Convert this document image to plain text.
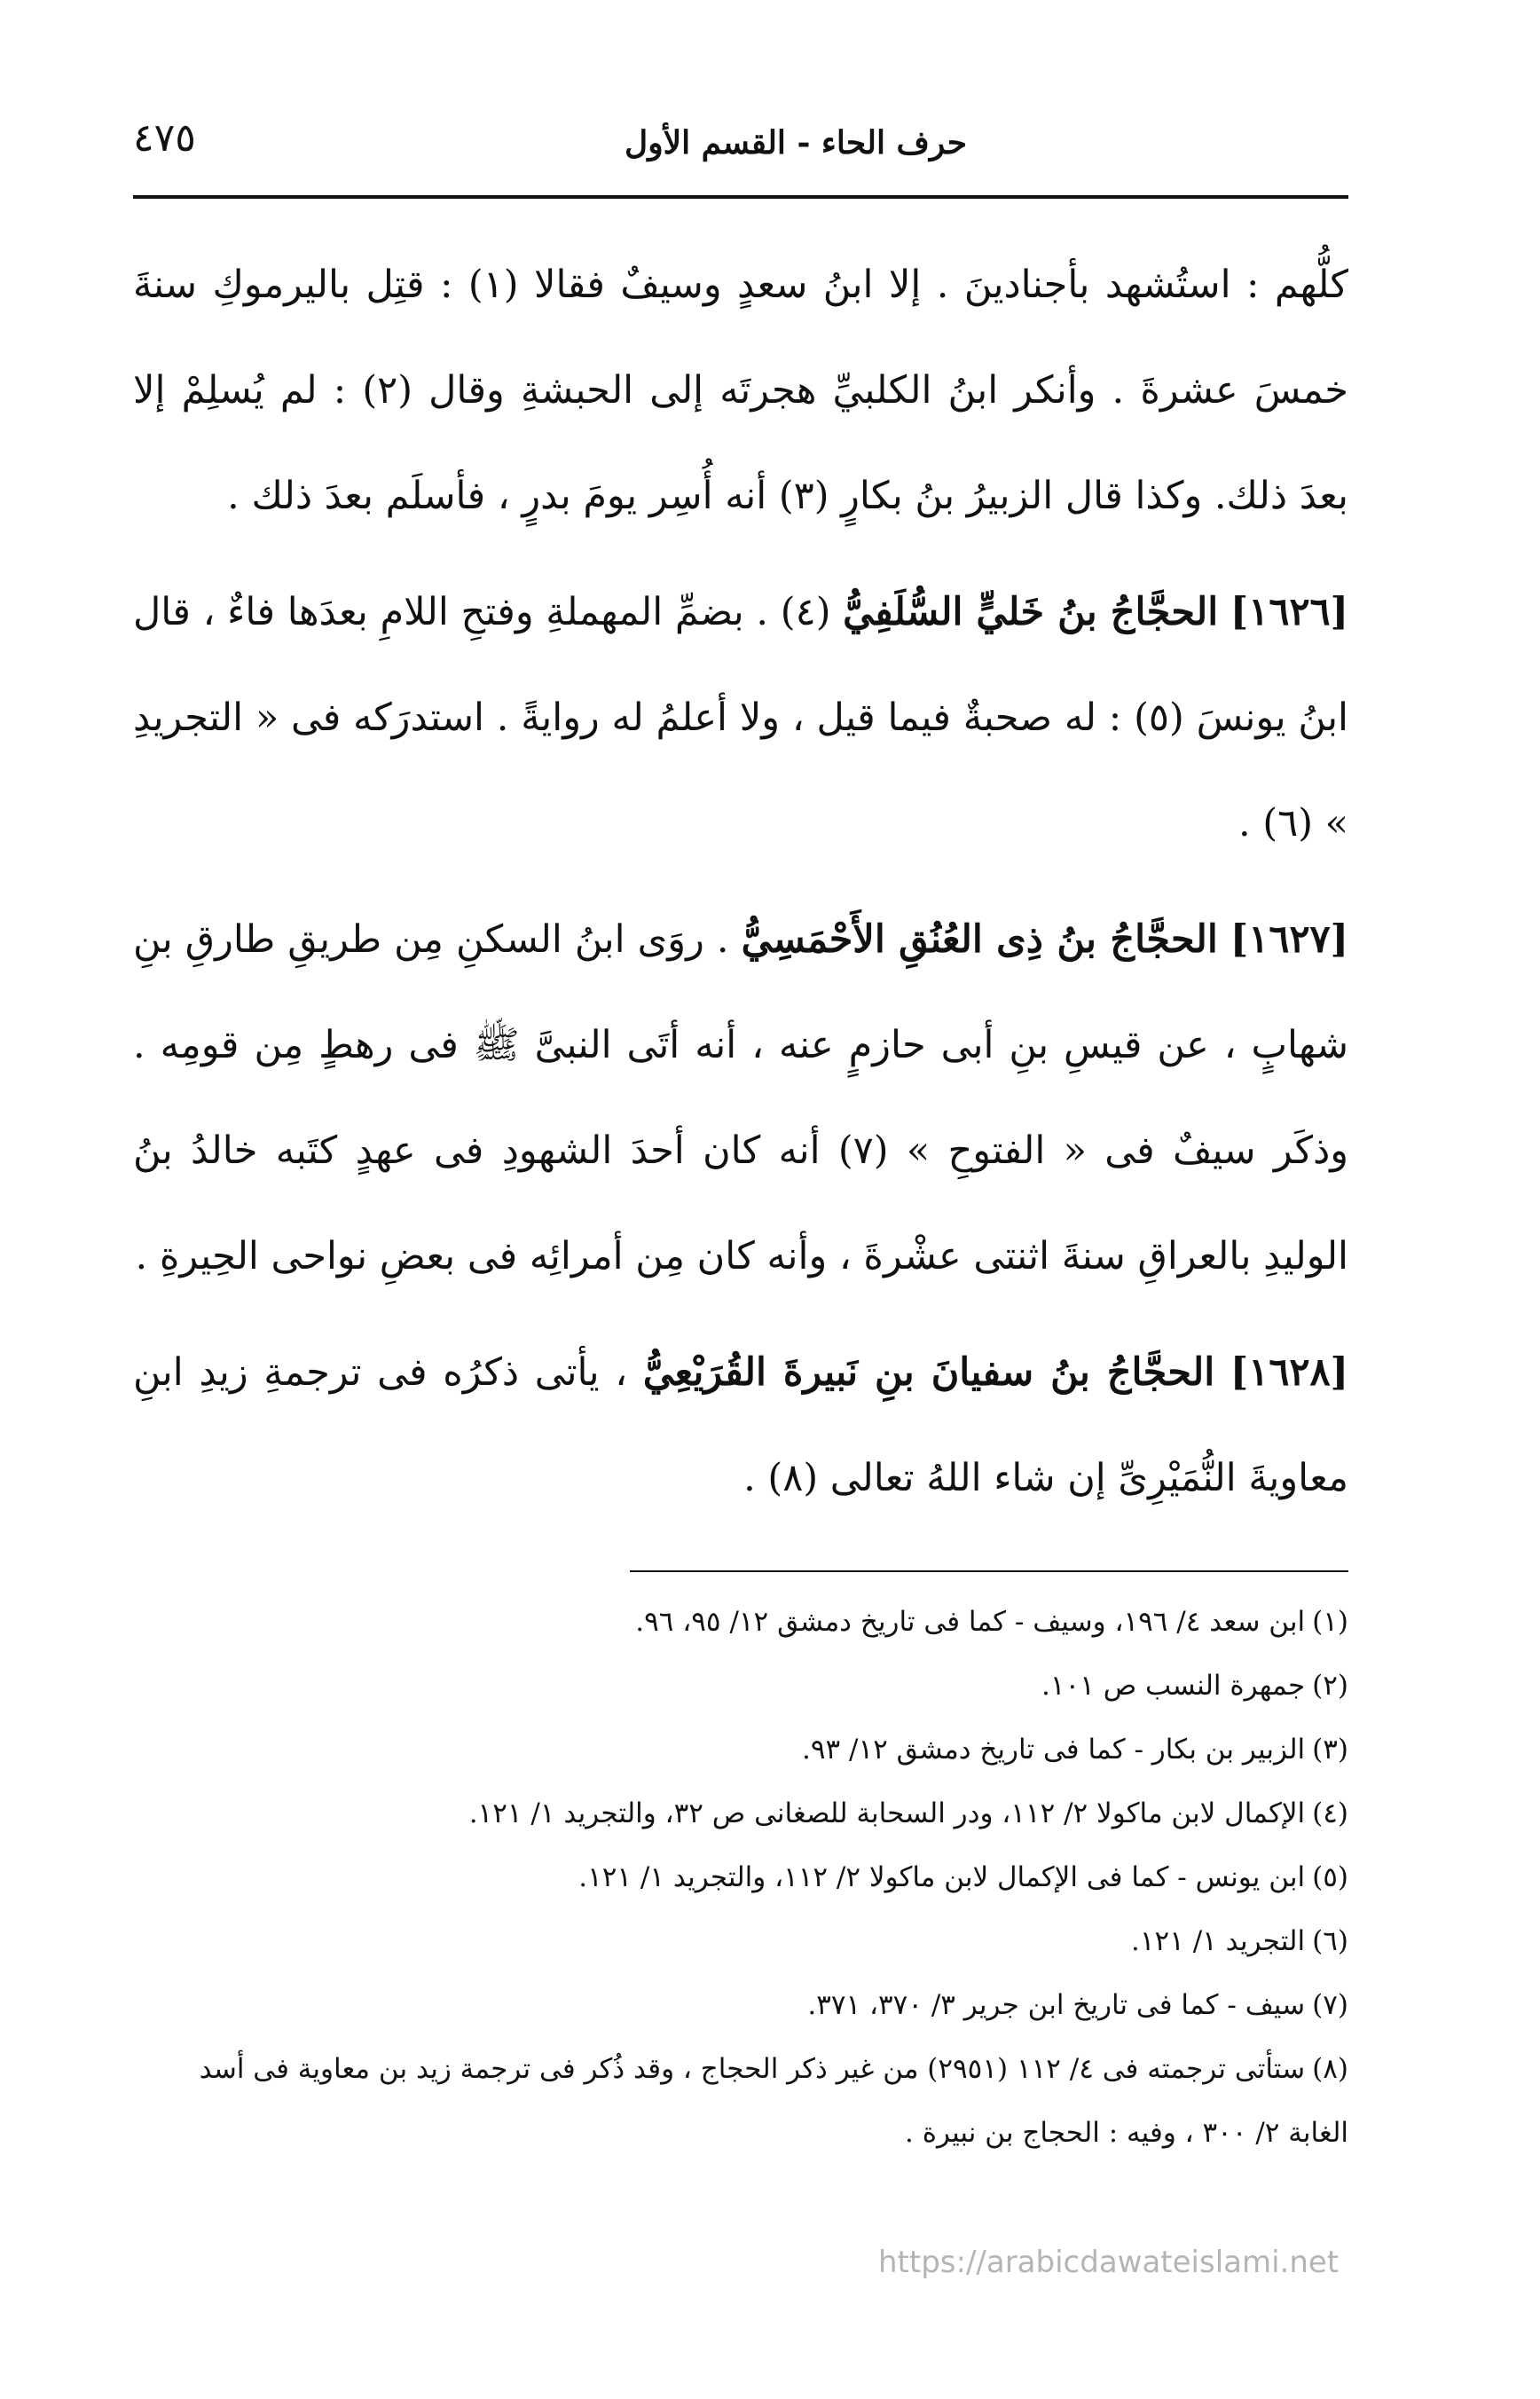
حرف الحاء - القسم الأول
٤٧٥

كلُّهم : استُشهد بأجنادينَ . إلا ابنُ سعدٍ وسيفٌ فقالا (١) : قتِل باليرموكِ سنةَ خمسَ عشرةَ . وأنكر ابنُ الكلبيِّ هجرتَه إلى الحبشةِ وقال (٢) : لم يُسلِمْ إلا بعدَ ذلك. وكذا قال الزبيرُ بنُ بكارٍ (٣) أنه أُسِر يومَ بدرٍ ، فأسلَم بعدَ ذلك .

[١٦٢٦] الحجَّاجُ بنُ خَليٍّ السُّلَفِيُّ (٤) . بضمِّ المهملةِ وفتحِ اللامِ بعدَها فاءٌ ، قال ابنُ يونسَ (٥) : له صحبةٌ فيما قيل ، ولا أعلمُ له روايةً . استدرَكه فى « التجريدِ » (٦) .

[١٦٢٧] الحجَّاجُ بنُ ذِى العُنُقِ الأَحْمَسِيُّ . روَى ابنُ السكنِ مِن طريقِ طارقِ بنِ شهابٍ ، عن قيسِ بنِ أبى حازمٍ عنه ، أنه أتَى النبىَّ ﷺ فى رهطٍ مِن قومِه . وذكَر سيفٌ فى « الفتوحِ » (٧) أنه كان أحدَ الشهودِ فى عهدٍ كتَبه خالدُ بنُ الوليدِ بالعراقِ سنةَ اثنتى عشْرةَ ، وأنه كان مِن أمرائِه فى بعضِ نواحى الحِيرةِ .

[١٦٢٨] الحجَّاجُ بنُ سفيانَ بنِ نَبيرةَ القُرَيْعِيُّ ، يأتى ذكرُه فى ترجمةِ زيدِ ابنِ معاويةَ النُّمَيْرِىِّ إن شاء اللهُ تعالى (٨) .

(١)ابن سعد ٤/ ١٩٦، وسيف - كما فى تاريخ دمشق ١٢/ ٩٥، ٩٦.

(٢)جمهرة النسب ص ١٠١.

(٣)الزبير بن بكار - كما فى تاريخ دمشق ١٢/ ٩٣.

(٤)الإكمال لابن ماكولا ٢/ ١١٢، ودر السحابة للصغانى ص ٣٢، والتجريد ١/ ١٢١.

(٥)ابن يونس - كما فى الإكمال لابن ماكولا ٢/ ١١٢، والتجريد ١/ ١٢١.

(٦)التجريد ١/ ١٢١.

(٧)سيف - كما فى تاريخ ابن جرير ٣/ ٣٧٠، ٣٧١.

(٨)ستأتى ترجمته فى ٤/ ١١٢ (٢٩٥١) من غير ذكر الحجاج ، وقد ذُكر فى ترجمة زيد بن معاوية فى أسد الغابة ٢/ ٣٠٠ ، وفيه : الحجاج بن نبيرة .

https://arabicdawateislami.net
